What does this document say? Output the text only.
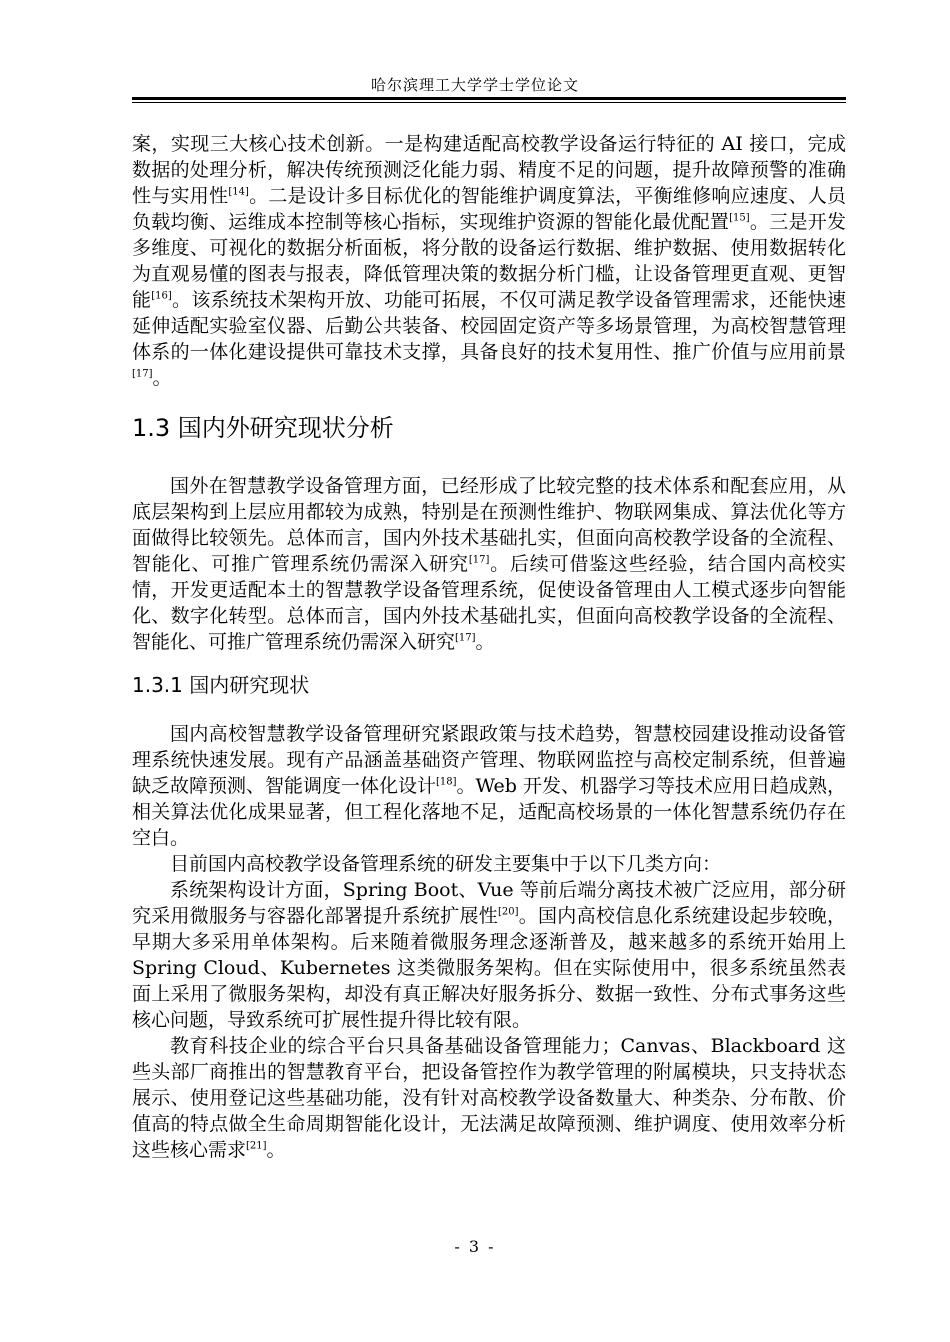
哈尔滨理工大学学士学位论文

案，实现三大核心技术创新。一是构建适配高校教学设备运行特征的 AI 接口，完成数据的处理分析，解决传统预测泛化能力弱、精度不足的问题，提升故障预警的准确性与实用性[14]。二是设计多目标优化的智能维护调度算法，平衡维修响应速度、人员负载均衡、运维成本控制等核心指标，实现维护资源的智能化最优配置[15]。三是开发多维度、可视化的数据分析面板，将分散的设备运行数据、维护数据、使用数据转化为直观易懂的图表与报表，降低管理决策的数据分析门槛，让设备管理更直观、更智能[16]。该系统技术架构开放、功能可拓展，不仅可满足教学设备管理需求，还能快速延伸适配实验室仪器、后勤公共装备、校园固定资产等多场景管理，为高校智慧管理体系的一体化建设提供可靠技术支撑，具备良好的技术复用性、推广价值与应用前景[17]。

1.3 国内外研究现状分析

国外在智慧教学设备管理方面，已经形成了比较完整的技术体系和配套应用，从底层架构到上层应用都较为成熟，特别是在预测性维护、物联网集成、算法优化等方面做得比较领先。总体而言，国内外技术基础扎实，但面向高校教学设备的全流程、智能化、可推广管理系统仍需深入研究[17]。后续可借鉴这些经验，结合国内高校实情，开发更适配本土的智慧教学设备管理系统，促使设备管理由人工模式逐步向智能化、数字化转型。总体而言，国内外技术基础扎实，但面向高校教学设备的全流程、智能化、可推广管理系统仍需深入研究[17]。

1.3.1 国内研究现状

国内高校智慧教学设备管理研究紧跟政策与技术趋势，智慧校园建设推动设备管理系统快速发展。现有产品涵盖基础资产管理、物联网监控与高校定制系统，但普遍缺乏故障预测、智能调度一体化设计[18]。Web 开发、机器学习等技术应用日趋成熟，相关算法优化成果显著，但工程化落地不足，适配高校场景的一体化智慧系统仍存在空白。

目前国内高校教学设备管理系统的研发主要集中于以下几类方向：

系统架构设计方面，Spring Boot、Vue 等前后端分离技术被广泛应用，部分研究采用微服务与容器化部署提升系统扩展性[20]。国内高校信息化系统建设起步较晚，早期大多采用单体架构。后来随着微服务理念逐渐普及，越来越多的系统开始用上 Spring Cloud、Kubernetes 这类微服务架构。但在实际使用中，很多系统虽然表面上采用了微服务架构，却没有真正解决好服务拆分、数据一致性、分布式事务这些核心问题，导致系统可扩展性提升得比较有限。

教育科技企业的综合平台只具备基础设备管理能力；Canvas、Blackboard 这些头部厂商推出的智慧教育平台，把设备管控作为教学管理的附属模块，只支持状态展示、使用登记这些基础功能，没有针对高校教学设备数量大、种类杂、分布散、价值高的特点做全生命周期智能化设计，无法满足故障预测、维护调度、使用效率分析这些核心需求[21]。

- 3 -
